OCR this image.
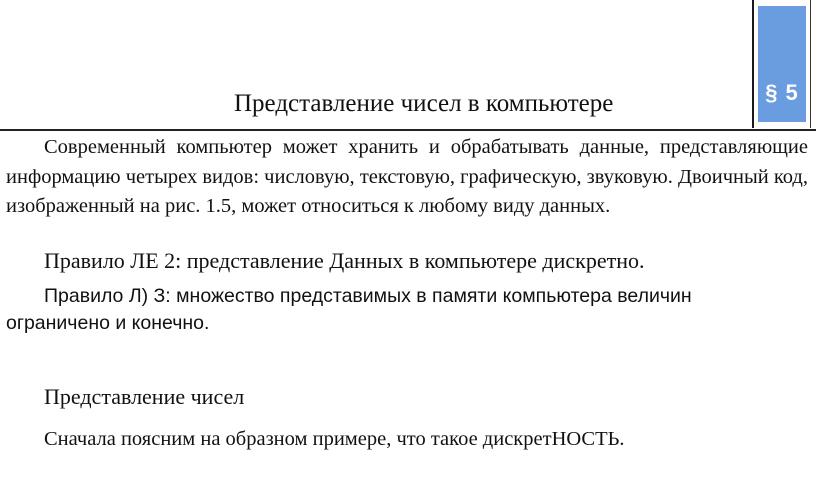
§ 5
Представление чисел в компьютере

Современный компьютер может хранить и обрабатывать данные, представляющие информацию четырех видов: числовую, текстовую, графическую, звуковую. Двоичный код, изображенный на рис. 1.5, может относиться к любому виду данных.

Правило ЛЕ 2: представление Данных в компьютере дискретно.

Правило Л) З: множество представимых в памяти компьютера величин

ограничено и конечно.

Представление чисел

Сначала поясним на образном примере, что такое дискретНОСТЬ.
